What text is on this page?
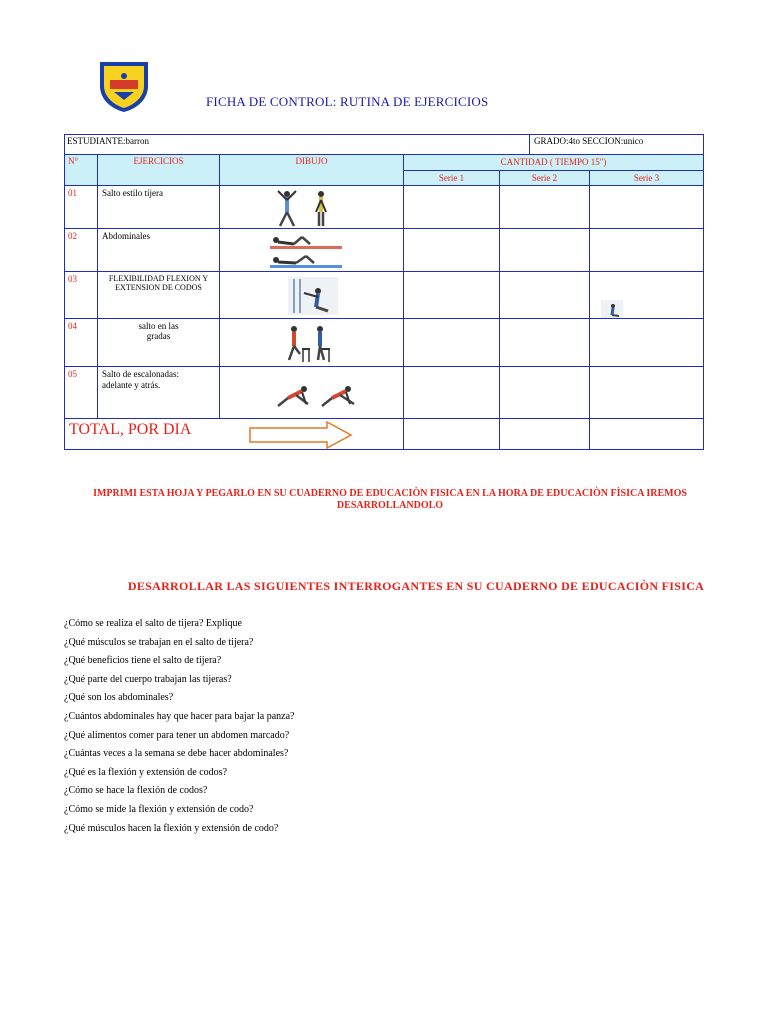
FICHA DE CONTROL: RUTINA DE EJERCICIOS
ESTUDIANTE:barron	GRADO:4to SECCION:unico
N°	EJERCICIOS	DIBUJO	CANTIDAD ( TIEMPO 15")
Serie 1	Serie 2	Serie 3
01	Salto estilo tijera
02	Abdominales
03	FLEXIBILIDAD FLEXION Y EXTENSION DE CODOS
04	salto en las gradas
05	Salto de escalonadas: adelante y atrás.
TOTAL, POR DIA
IMPRIMI ESTA HOJA Y PEGARLO EN SU CUADERNO DE EDUCACIÒN FISICA EN LA HORA DE EDUCACIÒN FÌSICA IREMOS DESARROLLANDOLO
DESARROLLAR LAS SIGUIENTES INTERROGANTES EN SU CUADERNO DE EDUCACIÒN FISICA
¿Cómo se realiza el salto de tijera? Explique
¿Qué músculos se trabajan en el salto de tijera?
¿Qué beneficios tiene el salto de tijera?
¿Qué parte del cuerpo trabajan las tijeras?
¿Qué son los abdominales?
¿Cuántos abdominales hay que hacer para bajar la panza?
¿Qué alimentos comer para tener un abdomen marcado?
¿Cuántas veces a la semana se debe hacer abdominales?
¿Qué es la flexión y extensión de codos?
¿Cómo se hace la flexión de codos?
¿Cómo se mide la flexión y extensión de codo?
¿Qué músculos hacen la flexión y extensión de codo?
